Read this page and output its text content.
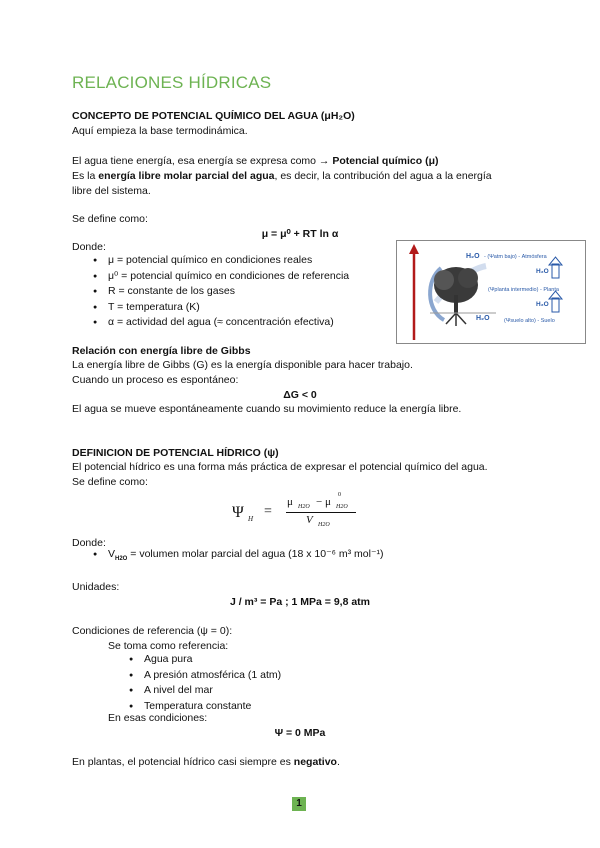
RELACIONES HÍDRICAS
CONCEPTO DE POTENCIAL QUÍMICO DEL AGUA (μH₂O)
Aquí empieza la base termodinámica.
El agua tiene energía, esa energía se expresa como → Potencial químico (μ)
Es la energía libre molar parcial del agua, es decir, la contribución del agua a la energía
libre del sistema.
Se define como:
μ = μ⁰ + RT ln α
Donde:
● μ = potencial químico en condiciones reales
● μ⁰ = potencial químico en condiciones de referencia
● R = constante de los gases
● T = temperatura (K)
● α = actividad del agua (≈ concentración efectiva)
H₂O - (Ψatm bajo) - Atmósfera
H₂O
(Ψplanta intermedio) - Planta
H₂O
H₂O	(Ψsuelo alto) - Suelo
Relación con energía libre de Gibbs
La energía libre de Gibbs (G) es la energía disponible para hacer trabajo.
Cuando un proceso es espontáneo:
ΔG < 0
El agua se mueve espontáneamente cuando su movimiento reduce la energía libre.
DEFINICION DE POTENCIAL HÍDRICO (ψ)
El potencial hídrico es una forma más práctica de expresar el potencial químico del agua.
Se define como:
Ψ H =
μ H2O − μ
0
H2O
V H2O
Donde:
● $V_{H2O}$ = volumen molar parcial del agua (18 x 10⁻⁶ m³ mol⁻¹)
Unidades:
J / m³ = Pa ; 1 MPa = 9,8 atm
Condiciones de referencia (ψ = 0):
Se toma como referencia:
● Agua pura
● A presión atmosférica (1 atm)
● A nivel del mar
● Temperatura constante
En esas condiciones:
Ψ = 0 MPa
En plantas, el potencial hídrico casi siempre es negativo.
1
